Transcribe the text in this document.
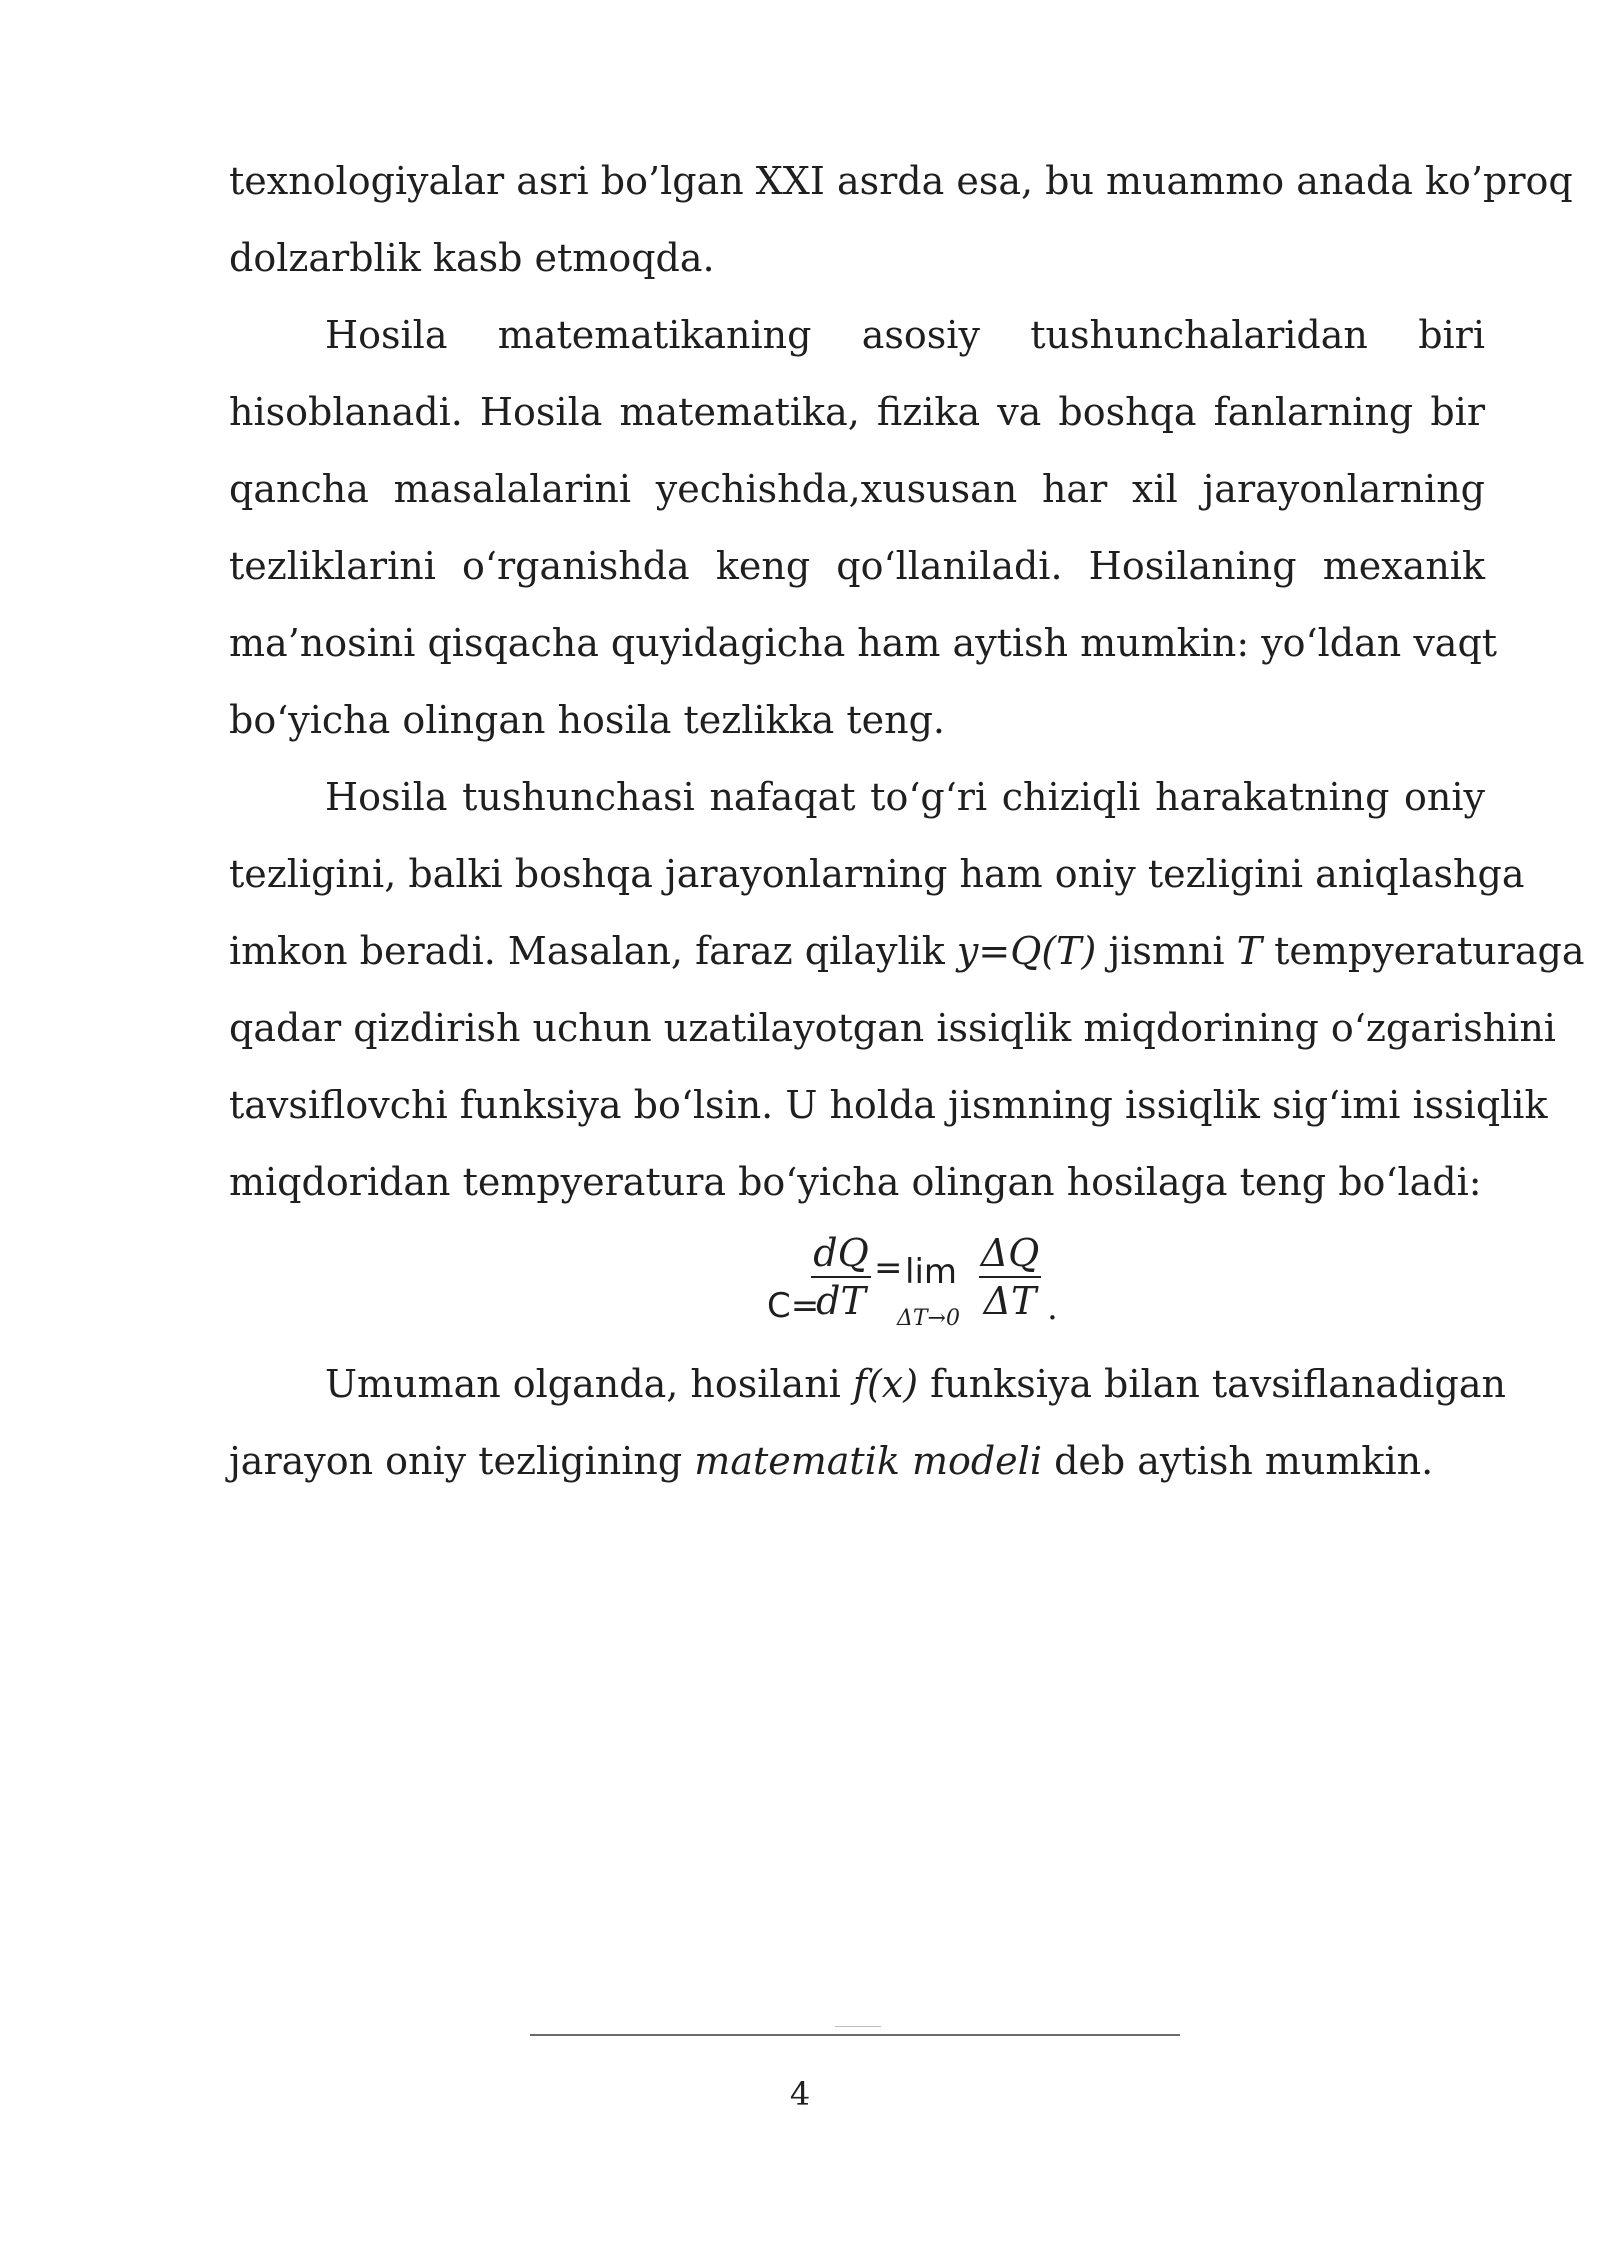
texnologiyalar asri bo’lgan XXI asrda esa, bu muammo anada ko’proq
dolzarblik kasb etmoqda.
Hosila matematikaning asosiy tushunchalaridan biri
hisoblanadi. Hosila matematika, fizika va boshqa fanlarning bir
qancha masalalarini yechishda,xususan har xil jarayonlarning
tezliklarini o‘rganishda keng qo‘llaniladi. Hosilaning mexanik
ma’nosini qisqacha quyidagicha ham aytish mumkin: yo‘ldan vaqt
bo‘yicha olingan hosila tezlikka teng.
Hosila tushunchasi nafaqat to‘g‘ri chiziqli harakatning oniy
tezligini, balki boshqa jarayonlarning ham oniy tezligini aniqlashga
imkon beradi. Masalan, faraz qilaylik y=Q(T) jismni T tempyeraturaga
qadar qizdirish uchun uzatilayotgan issiqlik miqdorining o‘zgarishini
tavsiflovchi funksiya bo‘lsin. U holda jismning issiqlik sig‘imi issiqlik
miqdoridan tempyeratura bo‘yicha olingan hosilaga teng bo‘ladi:
C=
dQ
dT
= lim
ΔT→0
ΔQ
ΔT .
Umuman olganda, hosilani f(x) funksiya bilan tavsiflanadigan
jarayon oniy tezligining matematik modeli deb aytish mumkin.
4
